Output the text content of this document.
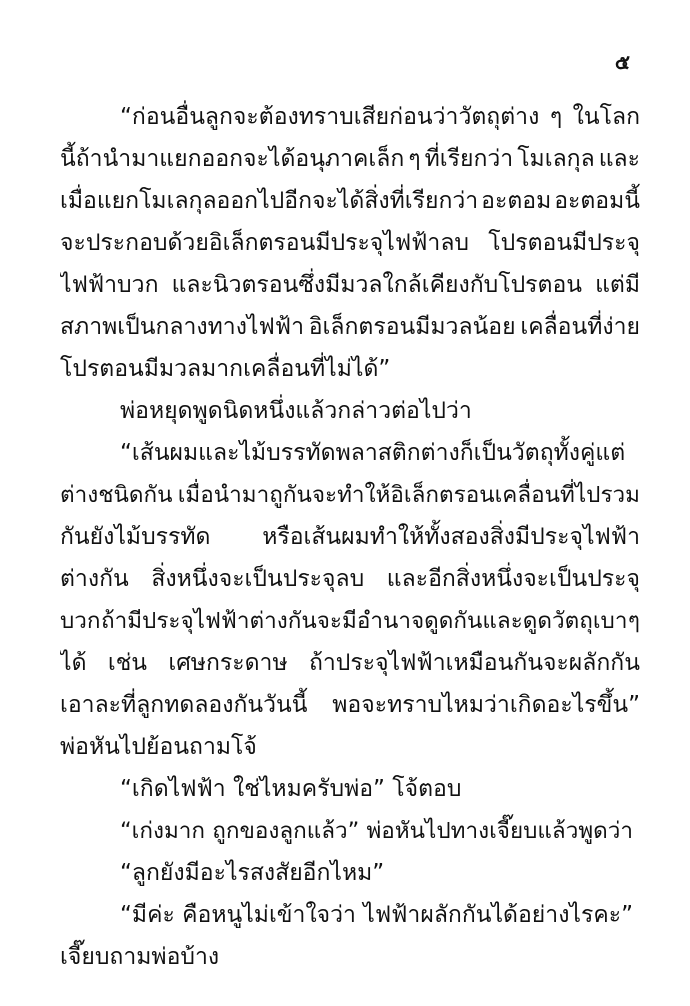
๕
“ก่อนอื่นลูกจะต้องทราบเสียก่อนว่าวัตถุต่าง ๆ ในโลก
นี้ถ้านำมาแยกออกจะได้อนุภาคเล็ก ๆ ที่เรียกว่า โมเลกุล และ
เมื่อแยกโมเลกุลออกไปอีกจะได้สิ่งที่เรียกว่า อะตอม อะตอมนี้
จะประกอบด้วยอิเล็กตรอนมีประจุไฟฟ้าลบ โปรตอนมีประจุ
ไฟฟ้าบวก และนิวตรอนซึ่งมีมวลใกล้เคียงกับโปรตอน แต่มี
สภาพเป็นกลางทางไฟฟ้า อิเล็กตรอนมีมวลน้อย เคลื่อนที่ง่าย
โปรตอนมีมวลมากเคลื่อนที่ไม่ได้”
พ่อหยุดพูดนิดหนึ่งแล้วกล่าวต่อไปว่า
“เส้นผมและไม้บรรทัดพลาสติกต่างก็เป็นวัตถุทั้งคู่แต่
ต่างชนิดกัน เมื่อนำมาถูกันจะทำให้อิเล็กตรอนเคลื่อนที่ไปรวม
กันยังไม้บรรทัด หรือเส้นผมทำให้ทั้งสองสิ่งมีประจุไฟฟ้า
ต่างกัน สิ่งหนึ่งจะเป็นประจุลบ และอีกสิ่งหนึ่งจะเป็นประจุ
บวก ถ้ามีประจุไฟฟ้าต่างกันจะมีอำนาจดูดกันและดูดวัตถุเบา ๆ
ได้ เช่น เศษกระดาษ ถ้าประจุไฟฟ้าเหมือนกันจะผลักกัน
เอาละที่ลูกทดลองกันวันนี้ พอจะทราบไหมว่าเกิดอะไรขึ้น”
พ่อหันไปย้อนถามโจ้
“เกิดไฟฟ้า ใช่ไหมครับพ่อ” โจ้ตอบ
“เก่งมาก ถูกของลูกแล้ว” พ่อหันไปทางเจี๊ยบแล้วพูดว่า
“ลูกยังมีอะไรสงสัยอีกไหม”
“มีค่ะ คือหนูไม่เข้าใจว่า ไฟฟ้าผลักกันได้อย่างไรคะ”
เจี๊ยบถามพ่อบ้าง
